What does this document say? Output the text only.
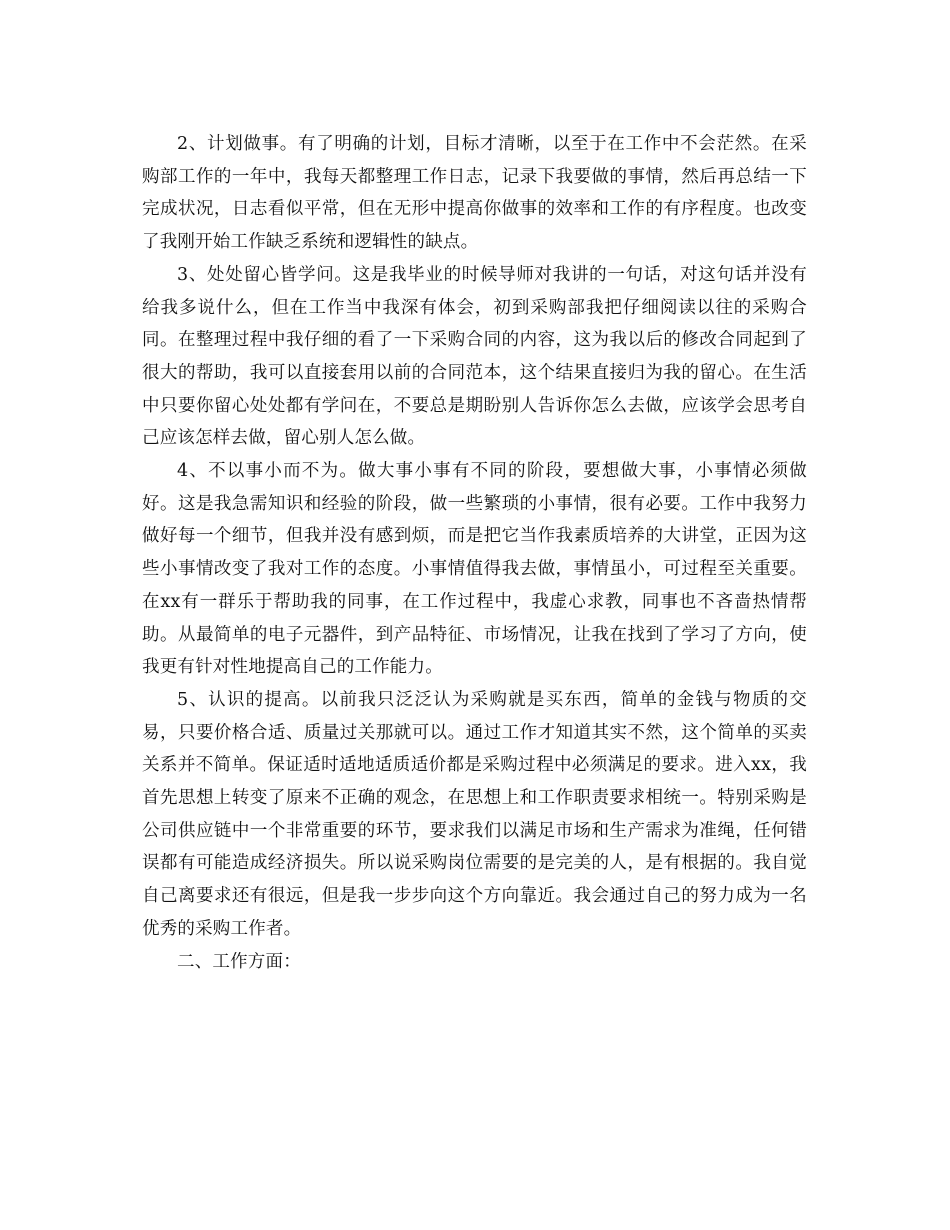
2、计划做事。有了明确的计划，目标才清晰，以至于在工作中不会茫然。在采购部工作的一年中，我每天都整理工作日志，记录下我要做的事情，然后再总结一下完成状况，日志看似平常，但在无形中提高你做事的效率和工作的有序程度。也改变了我刚开始工作缺乏系统和逻辑性的缺点。

3、处处留心皆学问。这是我毕业的时候导师对我讲的一句话，对这句话并没有给我多说什么，但在工作当中我深有体会，初到采购部我把仔细阅读以往的采购合同。在整理过程中我仔细的看了一下采购合同的内容，这为我以后的修改合同起到了很大的帮助，我可以直接套用以前的合同范本，这个结果直接归为我的留心。在生活中只要你留心处处都有学问在，不要总是期盼别人告诉你怎么去做，应该学会思考自己应该怎样去做，留心别人怎么做。

4、不以事小而不为。做大事小事有不同的阶段，要想做大事，小事情必须做好。这是我急需知识和经验的阶段，做一些繁琐的小事情，很有必要。工作中我努力做好每一个细节，但我并没有感到烦，而是把它当作我素质培养的大讲堂，正因为这些小事情改变了我对工作的态度。小事情值得我去做，事情虽小，可过程至关重要。在xx有一群乐于帮助我的同事，在工作过程中，我虚心求教，同事也不吝啬热情帮助。从最简单的电子元器件，到产品特征、市场情况，让我在找到了学习了方向，使我更有针对性地提高自己的工作能力。

5、认识的提高。以前我只泛泛认为采购就是买东西，简单的金钱与物质的交易，只要价格合适、质量过关那就可以。通过工作才知道其实不然，这个简单的买卖关系并不简单。保证适时适地适质适价都是采购过程中必须满足的要求。进入xx，我首先思想上转变了原来不正确的观念，在思想上和工作职责要求相统一。特别采购是公司供应链中一个非常重要的环节，要求我们以满足市场和生产需求为准绳，任何错误都有可能造成经济损失。所以说采购岗位需要的是完美的人，是有根据的。我自觉自己离要求还有很远，但是我一步步向这个方向靠近。我会通过自己的努力成为一名优秀的采购工作者。

二、工作方面：
